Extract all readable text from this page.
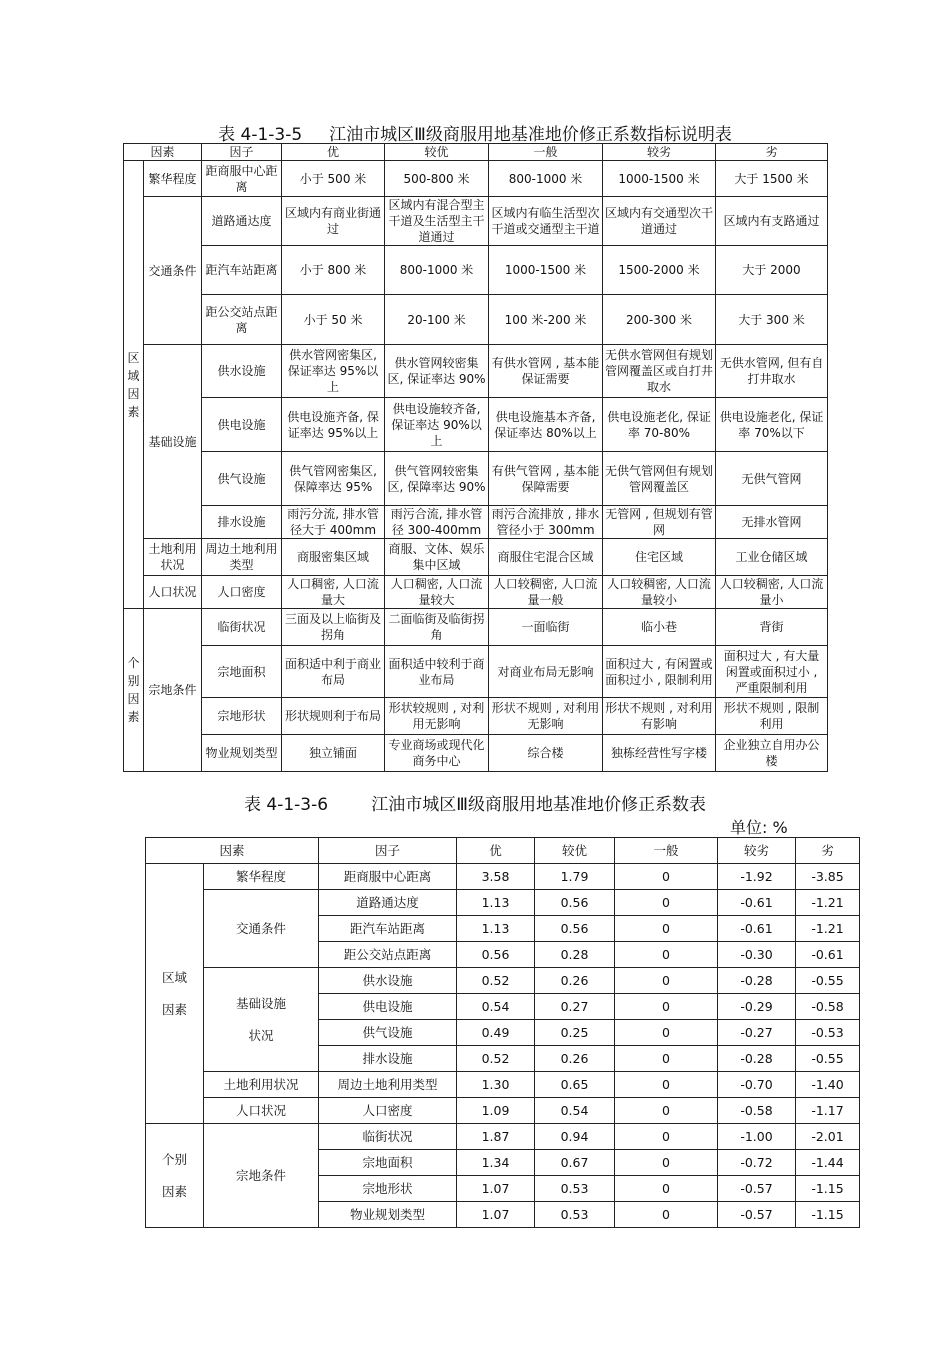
表 4-1-3-5     江油市城区Ⅲ级商服用地基准地价修正系数指标说明表
因素		因子	优	较优	一般	较劣	劣
区
域
因
素	繁华程度	距商服中心距离	小于 500 米	500-800 米	800-1000 米	1000-1500 米	大于 1500 米
	交通条件	道路通达度	区域内有商业街通过	区域内有混合型主干道及生活型主干道通过	区域内有临生活型次干道或交通型主干道	区域内有交通型次干道通过	区域内有支路通过
		距汽车站距离	小于 800 米	800-1000 米	1000-1500 米	1500-2000 米	大于 2000
		距公交站点距离	小于 50 米	20-100 米	100 米-200 米	200-300 米	大于 300 米
	基础设施	供水设施	供水管网密集区, 保证率达 95%以上	供水管网较密集区, 保证率达 90%	有供水管网 , 基本能保证需要	无供水管网但有规划管网覆盖区或自打井取水	无供水管网, 但有自打井取水
		供电设施	供电设施齐备, 保证率达 95%以上	供电设施较齐备, 保证率达 90%以上	供电设施基本齐备, 保证率达 80%以上	供电设施老化, 保证率 70-80%	供电设施老化, 保证率 70%以下
		供气设施	供气管网密集区, 保障率达 95%	供气管网较密集区, 保障率达 90%	有供气管网 , 基本能保障需要	无供气管网但有规划管网覆盖区	无供气管网
		排水设施	雨污分流, 排水管径大于 400mm	雨污合流, 排水管 径 300-400mm	雨污合流排放 , 排水管径小于 300mm	无管网 , 但规划有管网	无排水管网
	土地利用状况	周边土地利用类型	商服密集区域	商服、文体、娱乐集中区域	商服住宅混合区域	住宅区域	工业仓储区域
	人口状况	人口密度	人口稠密, 人口流量大	人口稠密, 人口流量较大	人口较稠密, 人口流量一般	人口较稠密, 人口流量较小	人口较稠密, 人口流量小
个
别
因
素	宗地条件	临街状况	三面及以上临街及拐角	二面临街及临街拐角	一面临街	临小巷	背街
		宗地面积	面积适中利于商业布局	面积适中较利于商业布局	对商业布局无影响	面积过大 , 有闲置或面积过小 , 限制利用	面积过大 , 有大量闲置或面积过小 , 严重限制利用
		宗地形状	形状规则利于布局	形状较规则 , 对利用无影响	形状不规则 , 对利用无影响	形状不规则 , 对利用有影响	形状不规则 , 限制利用
		物业规划类型	独立铺面	专业商场或现代化商务中心	综合楼	独栋经营性写字楼	企业独立自用办公楼
表 4-1-3-6        江油市城区Ⅲ级商服用地基准地价修正系数表
单位: %
因素		因子	优	较优	一般	较劣	劣
区域

因素	繁华程度	距商服中心距离	3.58	1.79	0	-1.92	-3.85
	交通条件	道路通达度	1.13	0.56	0	-0.61	-1.21
		距汽车站距离	1.13	0.56	0	-0.61	-1.21
		距公交站点距离	0.56	0.28	0	-0.30	-0.61
	基础设施

状况	供水设施	0.52	0.26	0	-0.28	-0.55
		供电设施	0.54	0.27	0	-0.29	-0.58
		供气设施	0.49	0.25	0	-0.27	-0.53
		排水设施	0.52	0.26	0	-0.28	-0.55
	土地利用状况	周边土地利用类型	1.30	0.65	0	-0.70	-1.40
	人口状况	人口密度	1.09	0.54	0	-0.58	-1.17
个别

因素	宗地条件	临街状况	1.87	0.94	0	-1.00	-2.01
		宗地面积	1.34	0.67	0	-0.72	-1.44
		宗地形状	1.07	0.53	0	-0.57	-1.15
		物业规划类型	1.07	0.53	0	-0.57	-1.15
